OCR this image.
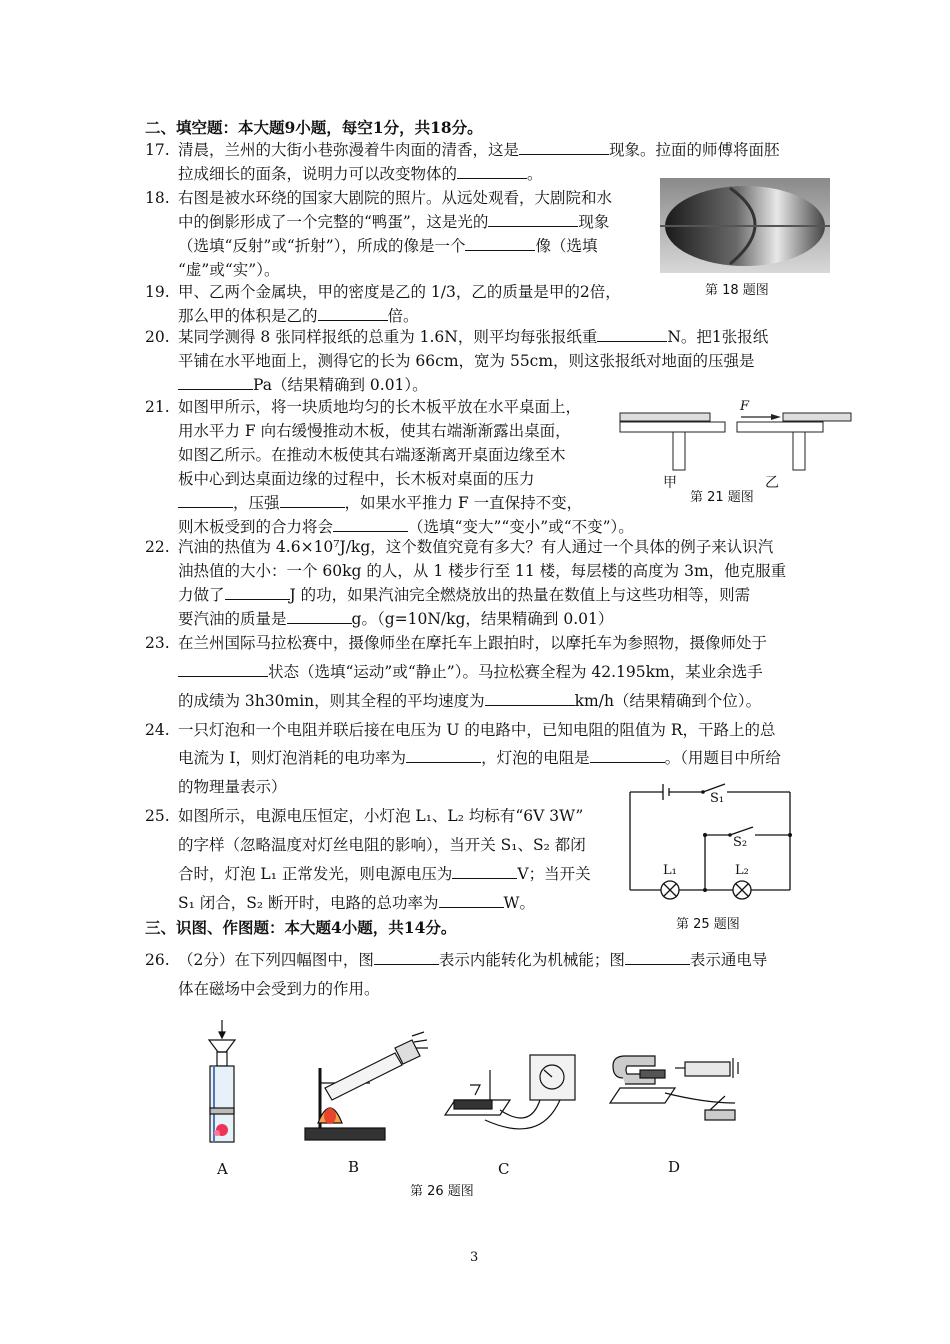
二、填空题：本大题9小题，每空1分，共18分。
17. 清晨，兰州的大街小巷弥漫着牛肉面的清香，这是	现象。拉面的师傅将面胚
拉成细长的面条，说明力可以改变物体的	。
18. 右图是被水环绕的国家大剧院的照片。从远处观看，大剧院和水
中的倒影形成了一个完整的“鸭蛋”，这是光的	现象
（选填“反射”或“折射”），所成的像是一个	像（选填
“虚”或“实”）。
19. 甲、乙两个金属块，甲的密度是乙的 1/3，乙的质量是甲的2倍，
那么甲的体积是乙的	倍。
20. 某同学测得 8 张同样报纸的总重为 1.6N，则平均每张报纸重	N。把1张报纸
平铺在水平地面上，测得它的长为 66cm，宽为 55cm，则这张报纸对地面的压强是
Pa（结果精确到 0.01）。
21. 如图甲所示，将一块质地均匀的长木板平放在水平桌面上，
用水平力 F 向右缓慢推动木板，使其右端渐渐露出桌面，
如图乙所示。在推动木板使其右端逐渐离开桌面边缘至木
板中心到达桌面边缘的过程中，长木板对桌面的压力
，压强	，如果水平推力 F 一直保持不变，
则木板受到的合力将会	（选填“变大”“变小”或“不变”）。
22. 汽油的热值为 4.6×10⁷J/kg，这个数值究竟有多大？有人通过一个具体的例子来认识汽
油热值的大小：一个 60kg 的人，从 1 楼步行至 11 楼，每层楼的高度为 3m，他克服重
力做了	J 的功，如果汽油完全燃烧放出的热量在数值上与这些功相等，则需
要汽油的质量是	g。（g=10N/kg，结果精确到 0.01）
23. 在兰州国际马拉松赛中，摄像师坐在摩托车上跟拍时，以摩托车为参照物，摄像师处于
状态（选填“运动”或“静止”）。马拉松赛全程为 42.195km，某业余选手
的成绩为 3h30min，则其全程的平均速度为	km/h（结果精确到个位）。
24. 一只灯泡和一个电阻并联后接在电压为 U 的电路中，已知电阻的阻值为 R，干路上的总
电流为 I，则灯泡消耗的电功率为	，灯泡的电阻是	。（用题目中所给
的物理量表示）
25. 如图所示，电源电压恒定，小灯泡 L₁、L₂ 均标有“6V 3W”
的字样（忽略温度对灯丝电阻的影响），当开关 S₁、S₂ 都闭
合时，灯泡 L₁ 正常发光，则电源电压为	V；当开关
S₁ 闭合，S₂ 断开时，电路的总功率为	W。
26. （2分）在下列四幅图中，图	表示内能转化为机械能；图	表示通电导
体在磁场中会受到力的作用。
三、识图、作图题：本大题4小题，共14分。
第 18 题图
F
甲
第 21 题图
乙
S₁
S₂
L₁	L₂
第 25 题图
A	B	C	D
第 26 题图
3
